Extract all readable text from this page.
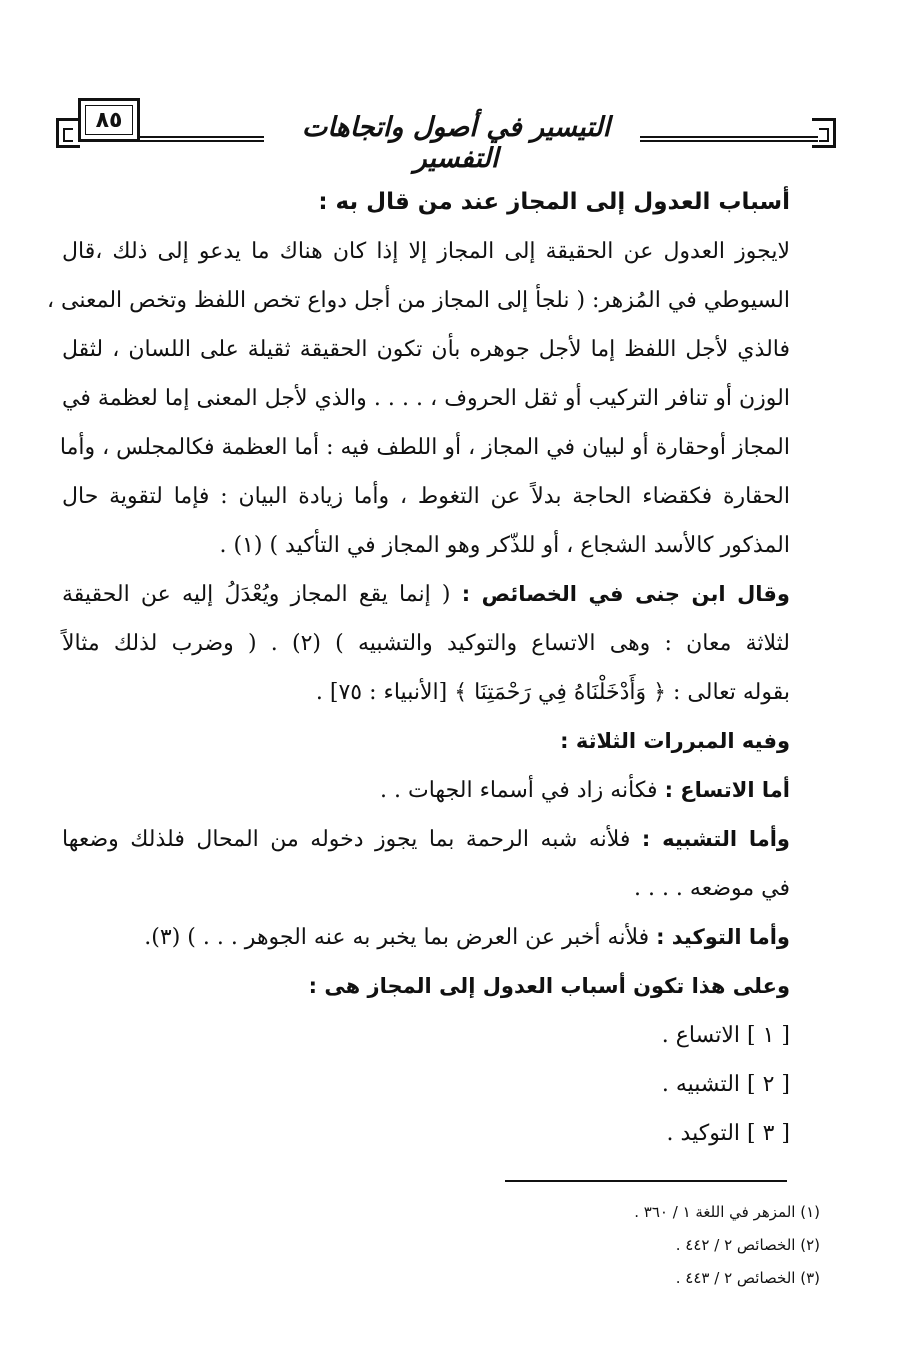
٨٥	التيسير في أصول واتجاهات التفسير
أسباب العدول إلى المجاز عند من قال به :
لايجوز العدول عن الحقيقة إلى المجاز إلا إذا كان هناك ما يدعو إلى ذلك ،قال
السيوطي في المُزهر: ( نلجأ إلى المجاز من أجل دواع تخص اللفظ وتخص المعنى ،
فالذي لأجل اللفظ إما لأجل جوهره بأن تكون الحقيقة ثقيلة على اللسان ، لثقل
الوزن أو تنافر التركيب أو ثقل الحروف ، . . . . والذي لأجل المعنى إما لعظمة في
المجاز أوحقارة أو لبيان في المجاز ، أو اللطف فيه : أما العظمة فكالمجلس ، وأما
الحقارة فكقضاء الحاجة بدلاً عن التغوط ، وأما زيادة البيان : فإما لتقوية حال
المذكور كالأسد الشجاع ، أو للذّكر وهو المجاز في التأكيد ) (١) .
وقال ابن جنى في الخصائص : ( إنما يقع المجاز ويُعْدَلُ إليه عن الحقيقة
لثلاثة معان : وهى الاتساع والتوكيد والتشبيه ) (٢) . ( وضرب لذلك مثالاً
بقوله تعالى : ﴿ وَأَدْخَلْنَاهُ فِي رَحْمَتِنَا ﴾ [الأنبياء : ٧٥] .
وفيه المبررات الثلاثة :
أما الاتساع : فكأنه زاد في أسماء الجهات . .
وأما التشبيه : فلأنه شبه الرحمة بما يجوز دخوله من المحال فلذلك وضعها
في موضعه . . . .
وأما التوكيد : فلأنه أخبر عن العرض بما يخبر به عنه الجوهر . . . ) (٣).
وعلى هذا تكون أسباب العدول إلى المجاز هى :
[ ١ ] الاتساع .
[ ٢ ] التشبيه .
[ ٣ ] التوكيد .
(١) المزهر في اللغة ١ / ٣٦٠ .
(٢) الخصائص ٢ / ٤٤٢ .
(٣) الخصائص ٢ / ٤٤٣ .
